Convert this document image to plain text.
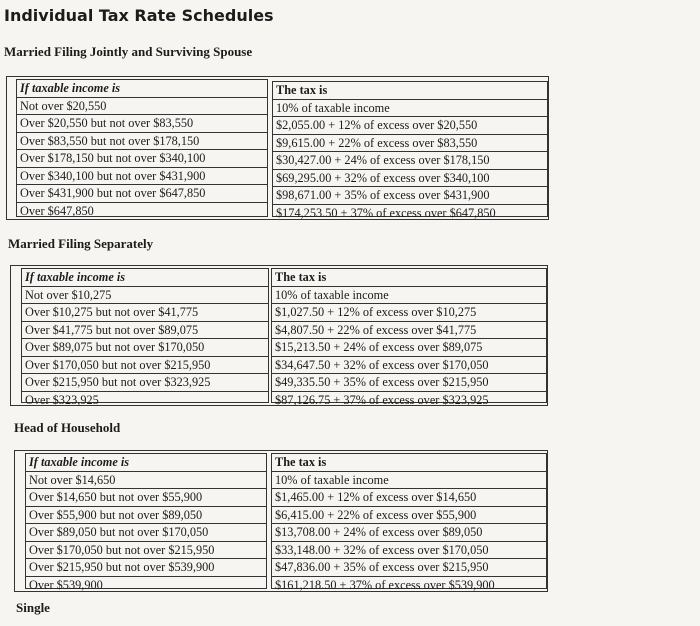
Individual Tax Rate Schedules
Married Filing Jointly and Surviving Spouse
If taxable income is
Not over $20,550
Over $20,550 but not over $83,550
Over $83,550 but not over $178,150
Over $178,150 but not over $340,100
Over $340,100 but not over $431,900
Over $431,900 but not over $647,850
Over $647,850
The tax is
10% of taxable income
$2,055.00 + 12% of excess over $20,550
$9,615.00 + 22% of excess over $83,550
$30,427.00 + 24% of excess over $178,150
$69,295.00 + 32% of excess over $340,100
$98,671.00 + 35% of excess over $431,900
$174,253.50 + 37% of excess over $647,850
Married Filing Separately
If taxable income is
Not over $10,275
Over $10,275 but not over $41,775
Over $41,775 but not over $89,075
Over $89,075 but not over $170,050
Over $170,050 but not over $215,950
Over $215,950 but not over $323,925
Over $323,925
The tax is
10% of taxable income
$1,027.50 + 12% of excess over $10,275
$4,807.50 + 22% of excess over $41,775
$15,213.50 + 24% of excess over $89,075
$34,647.50 + 32% of excess over $170,050
$49,335.50 + 35% of excess over $215,950
$87,126.75 + 37% of excess over $323,925
Head of Household
If taxable income is
Not over $14,650
Over $14,650 but not over $55,900
Over $55,900 but not over $89,050
Over $89,050 but not over $170,050
Over $170,050 but not over $215,950
Over $215,950 but not over $539,900
Over $539,900
The tax is
10% of taxable income
$1,465.00 + 12% of excess over $14,650
$6,415.00 + 22% of excess over $55,900
$13,708.00 + 24% of excess over $89,050
$33,148.00 + 32% of excess over $170,050
$47,836.00 + 35% of excess over $215,950
$161,218.50 + 37% of excess over $539,900
Single
